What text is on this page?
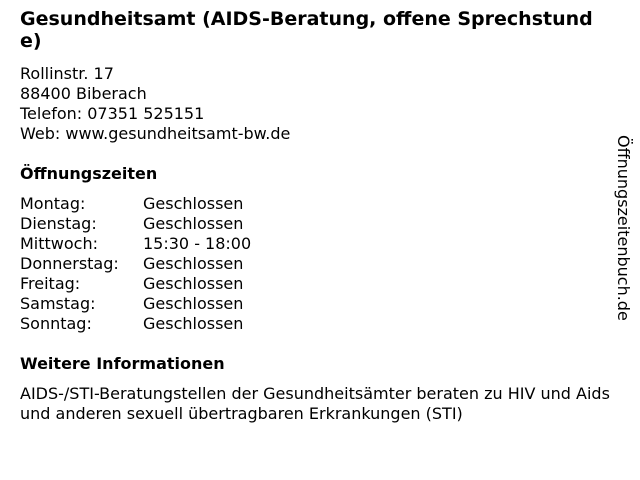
Gesundheitsamt (AIDS-Beratung, offene Sprechstunde)
Rollinstr. 17
88400 Biberach
Telefon: 07351 525151
Web: www.gesundheitsamt-bw.de
Öffnungszeiten
Montag:	Geschlossen
Dienstag:	Geschlossen
Mittwoch:	15:30 - 18:00
Donnerstag:	Geschlossen
Freitag:	Geschlossen
Samstag:	Geschlossen
Sonntag:	Geschlossen
Weitere Informationen
AIDS-/STI-Beratungstellen der Gesundheitsämter beraten zu HIV und Aids und anderen sexuell übertragbaren Erkrankungen (STI)
Öffnungszeitenbuch.de
